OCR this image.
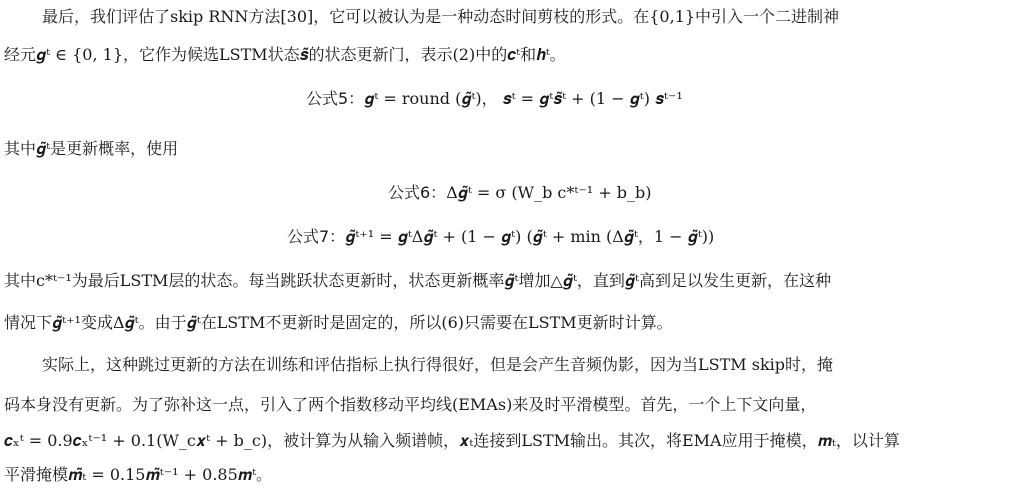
最后，我们评估了skip RNN方法[30]，它可以被认为是一种动态时间剪枝的形式。在{0,1}中引入一个二进制神
经元𝒈ᵗ ∈ {0, 1}，它作为候选LSTM状态𝒔̃的状态更新门，表示(2)中的𝒄ᵗ和𝒉ᵗ。
公式5：𝒈ᵗ = round (𝒈̃ᵗ)， 𝒔ᵗ = 𝒈ᵗ𝒔̃ᵗ + (1 − 𝒈ᵗ) 𝒔ᵗ⁻¹
其中𝒈̃ᵗ是更新概率，使用
公式6：Δ𝒈̃ᵗ = σ (W_b c*ᵗ⁻¹ + b_b)
公式7：𝒈̃ᵗ⁺¹ = 𝒈ᵗΔ𝒈̃ᵗ + (1 − 𝒈ᵗ) (𝒈̃ᵗ + min (Δ𝒈̃ᵗ，1 − 𝒈̃ᵗ))
其中c*ᵗ⁻¹为最后LSTM层的状态。每当跳跃状态更新时，状态更新概率𝒈̃ᵗ增加△𝒈̃ᵗ，直到𝒈̃ᵗ高到足以发生更新，在这种
情况下𝒈̃ᵗ⁺¹变成Δ𝒈̃ᵗ。由于𝒈̃ᵗ在LSTM不更新时是固定的，所以(6)只需要在LSTM更新时计算。
实际上，这种跳过更新的方法在训练和评估指标上执行得很好，但是会产生音频伪影，因为当LSTM skip时，掩
码本身没有更新。为了弥补这一点，引入了两个指数移动平均线(EMAs)来及时平滑模型。首先，一个上下文向量，
𝒄ₓᵗ = 0.9𝒄ₓᵗ⁻¹ + 0.1(W_c𝒙ᵗ + b_c)，被计算为从输入频谱帧，𝒙ₜ连接到LSTM输出。其次，将EMA应用于掩模，𝒎ₜ，以计算
平滑掩模𝒎̃ₜ = 0.15𝒎̃ᵗ⁻¹ + 0.85𝒎ᵗ。
